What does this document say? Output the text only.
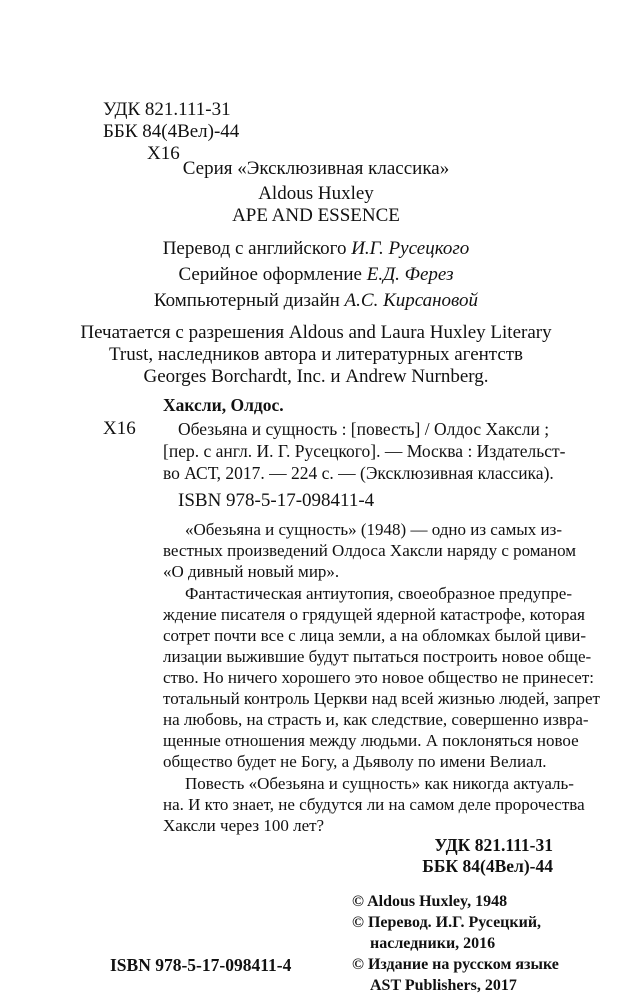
УДК 821.111-31
ББК 84(4Вел)-44
Х16
Серия «Эксклюзивная классика»
Aldous Huxley
APE AND ESSENCE
Перевод с английского И.Г. Русецкого
Серийное оформление Е.Д. Ферез
Компьютерный дизайн А.С. Кирсановой
Печатается с разрешения Aldous and Laura Huxley Literary
Trust, наследников автора и литературных агентств
Georges Borchardt, Inc. и Andrew Nurnberg.
Хаксли, Олдос.
Х16 Обезьяна и сущность : [повесть] / Олдос Хаксли ;
[пер. с англ. И. Г. Русецкого]. — Москва : Издательст-
во АСТ, 2017. — 224 с. — (Эксклюзивная классика).
ISBN 978-5-17-098411-4
«Обезьяна и сущность» (1948) — одно из самых из-
вестных произведений Олдоса Хаксли наряду с романом
«О дивный новый мир».
Фантастическая антиутопия, своеобразное предупре-
ждение писателя о грядущей ядерной катастрофе, которая
сотрет почти все с лица земли, а на обломках былой циви-
лизации выжившие будут пытаться построить новое обще-
ство. Но ничего хорошего это новое общество не принесет:
тотальный контроль Церкви над всей жизнью людей, запрет
на любовь, на страсть и, как следствие, совершенно извра-
щенные отношения между людьми. А поклоняться новое
общество будет не Богу, а Дьяволу по имени Велиал.
Повесть «Обезьяна и сущность» как никогда актуаль-
на. И кто знает, не сбудутся ли на самом деле пророчества
Хаксли через 100 лет?
УДК 821.111-31
ББК 84(4Вел)-44
© Aldous Huxley, 1948
© Перевод. И.Г. Русецкий,
наследники, 2016
© Издание на русском языке
AST Publishers, 2017
ISBN 978-5-17-098411-4
